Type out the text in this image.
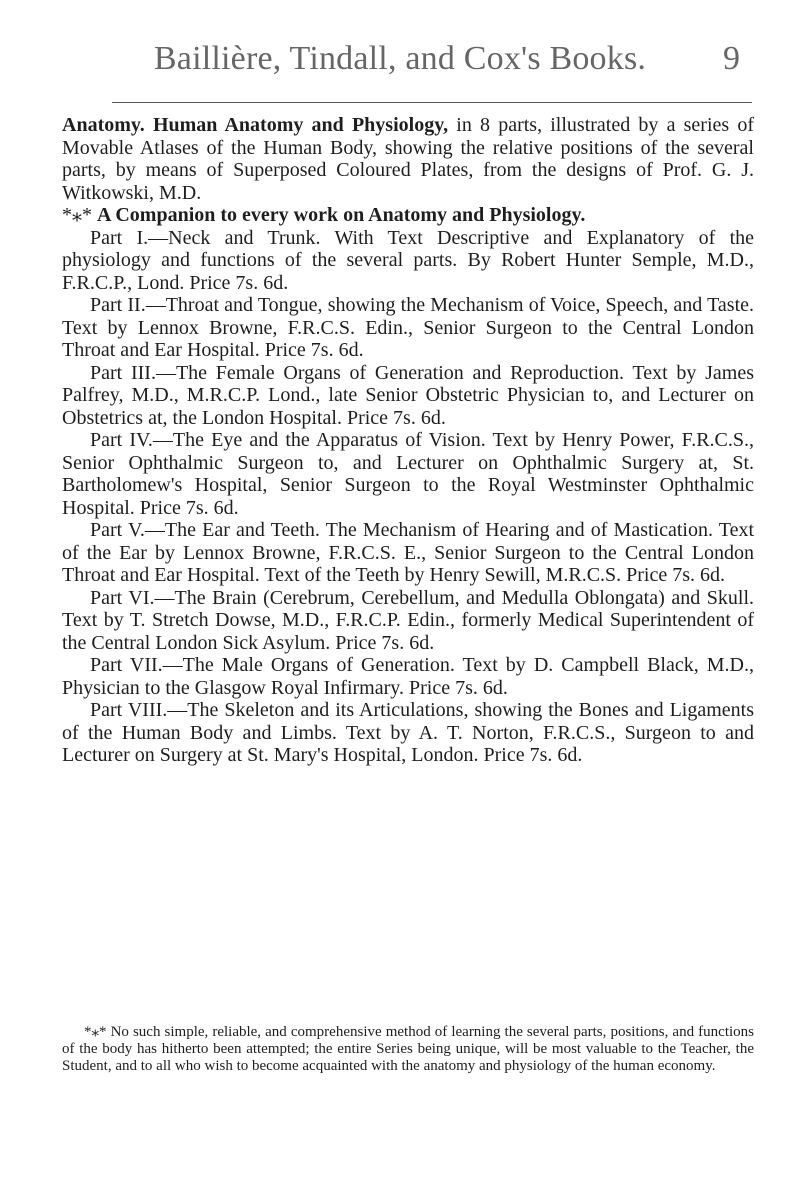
Baillière, Tindall, and Cox's Books.	9

Anatomy. Human Anatomy and Physiology, in 8 parts, illustrated by a series of Movable Atlases of the Human Body, showing the relative positions of the several parts, by means of Superposed Coloured Plates, from the designs of Prof. G. J. Witkowski, M.D.

*⁎* A Companion to every work on Anatomy and Physiology.

Part I.—Neck and Trunk. With Text Descriptive and Explanatory of the physiology and functions of the several parts. By Robert Hunter Semple, M.D., F.R.C.P., Lond. Price 7s. 6d.

Part II.—Throat and Tongue, showing the Mechanism of Voice, Speech, and Taste. Text by Lennox Browne, F.R.C.S. Edin., Senior Surgeon to the Central London Throat and Ear Hospital. Price 7s. 6d.

Part III.—The Female Organs of Generation and Reproduction. Text by James Palfrey, M.D., M.R.C.P. Lond., late Senior Obstetric Physician to, and Lecturer on Obstetrics at, the London Hospital. Price 7s. 6d.

Part IV.—The Eye and the Apparatus of Vision. Text by Henry Power, F.R.C.S., Senior Ophthalmic Surgeon to, and Lecturer on Ophthalmic Surgery at, St. Bartholomew's Hospital, Senior Surgeon to the Royal Westminster Ophthalmic Hospital. Price 7s. 6d.

Part V.—The Ear and Teeth. The Mechanism of Hearing and of Mastication. Text of the Ear by Lennox Browne, F.R.C.S. E., Senior Surgeon to the Central London Throat and Ear Hospital. Text of the Teeth by Henry Sewill, M.R.C.S. Price 7s. 6d.

Part VI.—The Brain (Cerebrum, Cerebellum, and Medulla Oblongata) and Skull. Text by T. Stretch Dowse, M.D., F.R.C.P. Edin., formerly Medical Superintendent of the Central London Sick Asylum. Price 7s. 6d.

Part VII.—The Male Organs of Generation. Text by D. Campbell Black, M.D., Physician to the Glasgow Royal Infirmary. Price 7s. 6d.

Part VIII.—The Skeleton and its Articulations, showing the Bones and Ligaments of the Human Body and Limbs. Text by A. T. Norton, F.R.C.S., Surgeon to and Lecturer on Surgery at St. Mary's Hospital, London. Price 7s. 6d.

*⁎* No such simple, reliable, and comprehensive method of learning the several parts, positions, and functions of the body has hitherto been attempted; the entire Series being unique, will be most valuable to the Teacher, the Student, and to all who wish to become acquainted with the anatomy and physiology of the human economy.
